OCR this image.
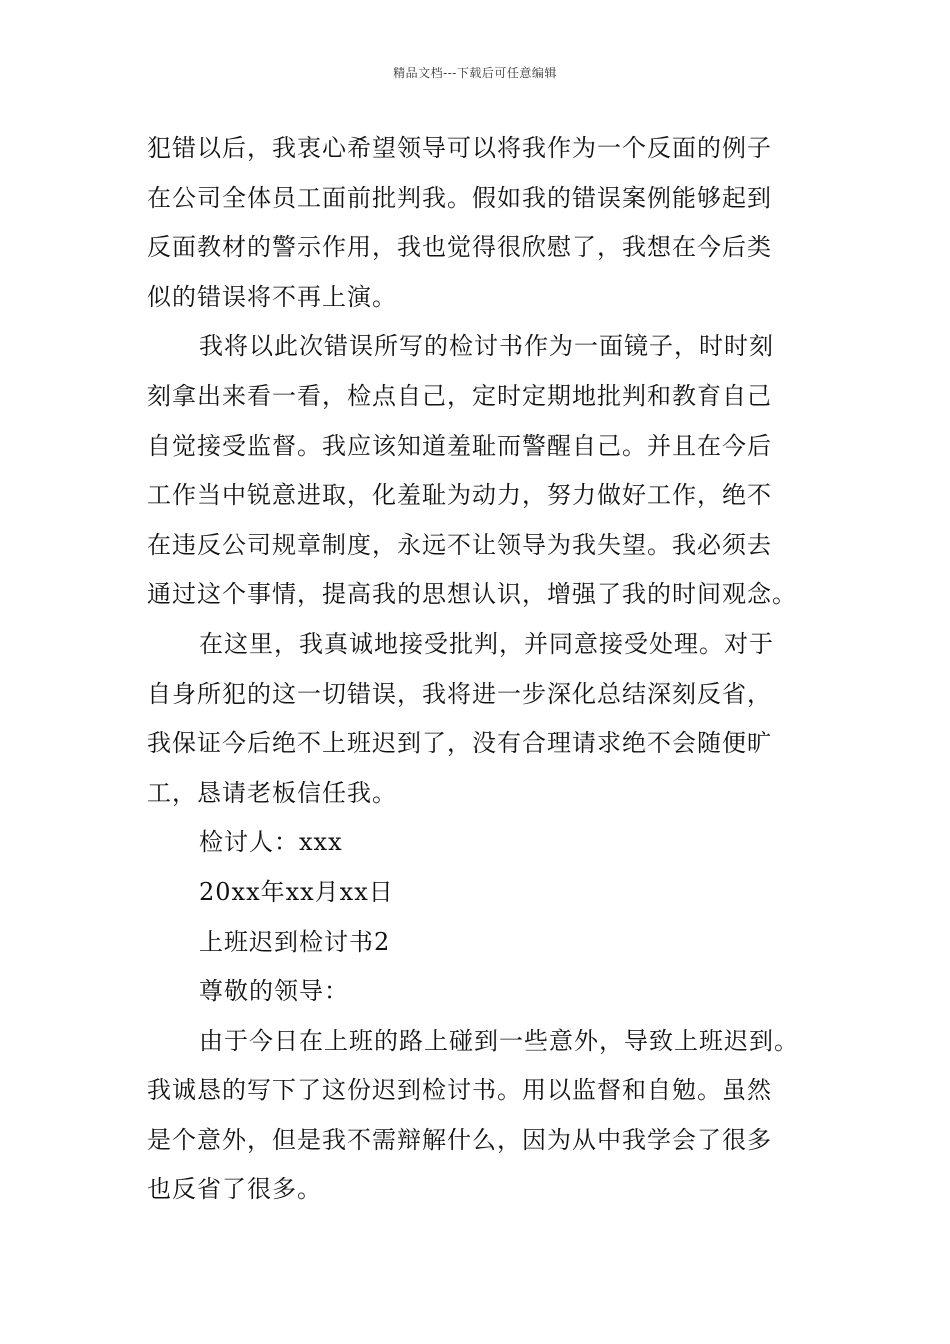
精品文档---下载后可任意编辑
犯错以后，我衷心希望领导可以将我作为一个反面的例子
在公司全体员工面前批判我。假如我的错误案例能够起到
反面教材的警示作用，我也觉得很欣慰了，我想在今后类
似的错误将不再上演。
我将以此次错误所写的检讨书作为一面镜子，时时刻
刻拿出来看一看，检点自己，定时定期地批判和教育自己
自觉接受监督。我应该知道羞耻而警醒自己。并且在今后
工作当中锐意进取，化羞耻为动力，努力做好工作，绝不
在违反公司规章制度，永远不让领导为我失望。我必须去
通过这个事情，提高我的思想认识，增强了我的时间观念。
在这里，我真诚地接受批判，并同意接受处理。对于
自身所犯的这一切错误，我将进一步深化总结深刻反省，
我保证今后绝不上班迟到了，没有合理请求绝不会随便旷
工，恳请老板信任我。
检讨人：xxx
20xx年xx月xx日
上班迟到检讨书2
尊敬的领导：
由于今日在上班的路上碰到一些意外，导致上班迟到。
我诚恳的写下了这份迟到检讨书。用以监督和自勉。虽然
是个意外，但是我不需辩解什么，因为从中我学会了很多
也反省了很多。
